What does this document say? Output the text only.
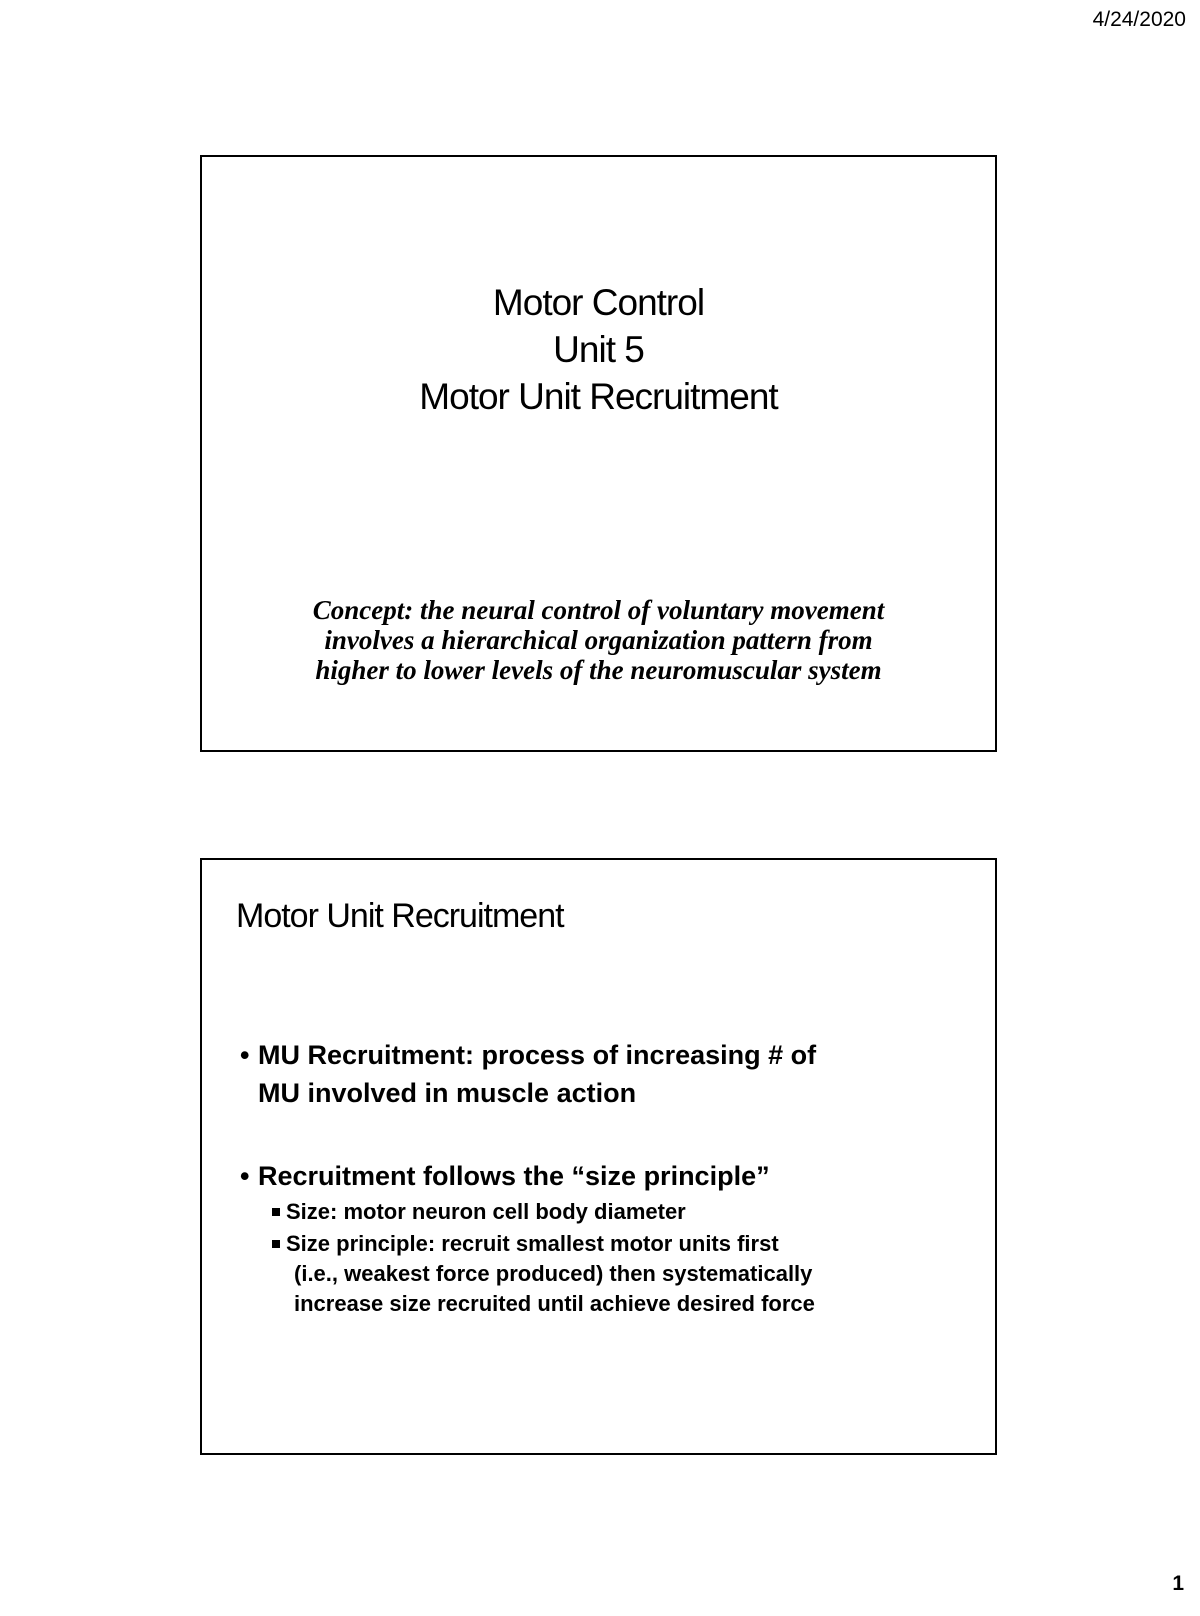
4/24/2020
Motor Control
Unit 5
Motor Unit Recruitment
Concept: the neural control of voluntary movement
involves a hierarchical organization pattern from
higher to lower levels of the neuromuscular system
Motor Unit Recruitment
• MU Recruitment: process of increasing # of
MU involved in muscle action
• Recruitment follows the “size principle”
Size: motor neuron cell body diameter
Size principle: recruit smallest motor units first
(i.e., weakest force produced) then systematically
increase size recruited until achieve desired force
1
